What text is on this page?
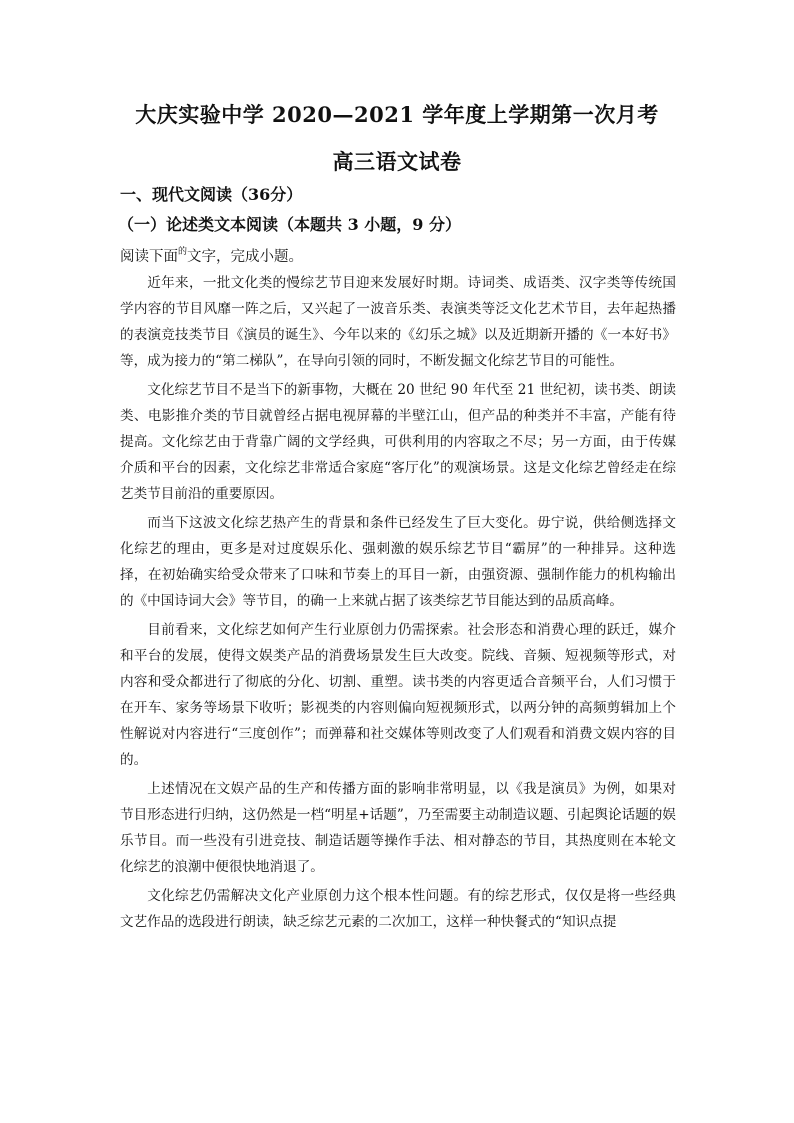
大庆实验中学 2020—2021 学年度上学期第一次月考
高三语文试卷
一、现代文阅读（36分）
（一）论述类文本阅读（本题共 3 小题，9 分）
阅读下面$^的$文字，完成小题。

近年来，一批文化类的慢综艺节目迎来发展好时期。诗词类、成语类、汉字类等传统国学内容的节目风靡一阵之后，又兴起了一波音乐类、表演类等泛文化艺术节目，去年起热播的表演竞技类节目《演员的诞生》、今年以来的《幻乐之城》以及近期新开播的《一本好书》等，成为接力的“第二梯队”，在导向引领的同时，不断发掘文化综艺节目的可能性。

文化综艺节目不是当下的新事物，大概在 20 世纪 90 年代至 21 世纪初，读书类、朗读类、电影推介类的节目就曾经占据电视屏幕的半壁江山，但产品的种类并不丰富，产能有待提高。文化综艺由于背靠广阔的文学经典，可供利用的内容取之不尽；另一方面，由于传媒介质和平台的因素，文化综艺非常适合家庭“客厅化”的观演场景。这是文化综艺曾经走在综艺类节目前沿的重要原因。

而当下这波文化综艺热产生的背景和条件已经发生了巨大变化。毋宁说，供给侧选择文化综艺的理由，更多是对过度娱乐化、强刺激的娱乐综艺节目“霸屏”的一种排异。这种选择，在初始确实给受众带来了口味和节奏上的耳目一新，由强资源、强制作能力的机构输出的《中国诗词大会》等节目，的确一上来就占据了该类综艺节目能达到的品质高峰。

目前看来，文化综艺如何产生行业原创力仍需探索。社会形态和消费心理的跃迁，媒介和平台的发展，使得文娱类产品的消费场景发生巨大改变。院线、音频、短视频等形式，对内容和受众都进行了彻底的分化、切割、重塑。读书类的内容更适合音频平台，人们习惯于在开车、家务等场景下收听；影视类的内容则偏向短视频形式，以两分钟的高频剪辑加上个性解说对内容进行“三度创作”；而弹幕和社交媒体等则改变了人们观看和消费文娱内容的目的。

上述情况在文娱产品的生产和传播方面的影响非常明显，以《我是演员》为例，如果对节目形态进行归纳，这仍然是一档“明星+话题”，乃至需要主动制造议题、引起舆论话题的娱乐节目。而一些没有引进竞技、制造话题等操作手法、相对静态的节目，其热度则在本轮文化综艺的浪潮中便很快地消退了。

文化综艺仍需解决文化产业原创力这个根本性问题。有的综艺形式，仅仅是将一些经典文艺作品的选段进行朗读，缺乏综艺元素的二次加工，这样一种快餐式的“知识点提
